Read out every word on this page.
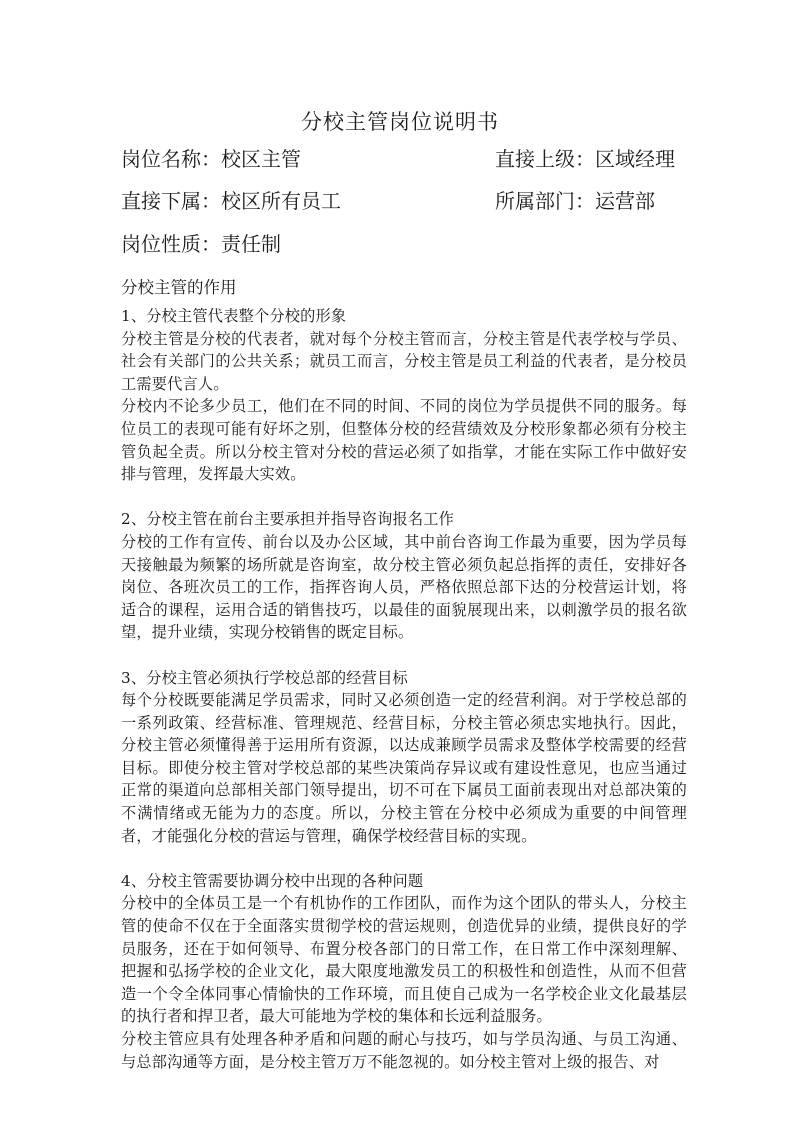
分校主管岗位说明书
岗位名称：校区主管	直接上级：区域经理
直接下属：校区所有员工	所属部门：运营部
岗位性质：责任制
分校主管的作用

1、分校主管代表整个分校的形象

分校主管是分校的代表者，就对每个分校主管而言，分校主管是代表学校与学员、社会有关部门的公共关系；就员工而言，分校主管是员工利益的代表者，是分校员工需要代言人。

分校内不论多少员工，他们在不同的时间、不同的岗位为学员提供不同的服务。每位员工的表现可能有好坏之别，但整体分校的经营绩效及分校形象都必须有分校主管负起全责。所以分校主管对分校的营运必须了如指掌，才能在实际工作中做好安排与管理，发挥最大实效。

2、分校主管在前台主要承担并指导咨询报名工作

分校的工作有宣传、前台以及办公区域，其中前台咨询工作最为重要，因为学员每天接触最为频繁的场所就是咨询室，故分校主管必须负起总指挥的责任，安排好各岗位、各班次员工的工作，指挥咨询人员，严格依照总部下达的分校营运计划，将适合的课程，运用合适的销售技巧，以最佳的面貌展现出来，以刺激学员的报名欲望，提升业绩，实现分校销售的既定目标。

3、分校主管必须执行学校总部的经营目标

每个分校既要能满足学员需求，同时又必须创造一定的经营利润。对于学校总部的一系列政策、经营标准、管理规范、经营目标，分校主管必须忠实地执行。因此，分校主管必须懂得善于运用所有资源，以达成兼顾学员需求及整体学校需要的经营目标。即使分校主管对学校总部的某些决策尚存异议或有建设性意见，也应当通过正常的渠道向总部相关部门领导提出，切不可在下属员工面前表现出对总部决策的不满情绪或无能为力的态度。所以，分校主管在分校中必须成为重要的中间管理者，才能强化分校的营运与管理，确保学校经营目标的实现。

4、分校主管需要协调分校中出现的各种问题

分校中的全体员工是一个有机协作的工作团队，而作为这个团队的带头人，分校主管的使命不仅在于全面落实贯彻学校的营运规则，创造优异的业绩，提供良好的学员服务，还在于如何领导、布置分校各部门的日常工作，在日常工作中深刻理解、把握和弘扬学校的企业文化，最大限度地激发员工的积极性和创造性，从而不但营造一个令全体同事心情愉快的工作环境，而且使自己成为一名学校企业文化最基层的执行者和捍卫者，最大可能地为学校的集体和长远利益服务。

分校主管应具有处理各种矛盾和问题的耐心与技巧，如与学员沟通、与员工沟通、与总部沟通等方面，是分校主管万万不能忽视的。如分校主管对上级的报告、对
